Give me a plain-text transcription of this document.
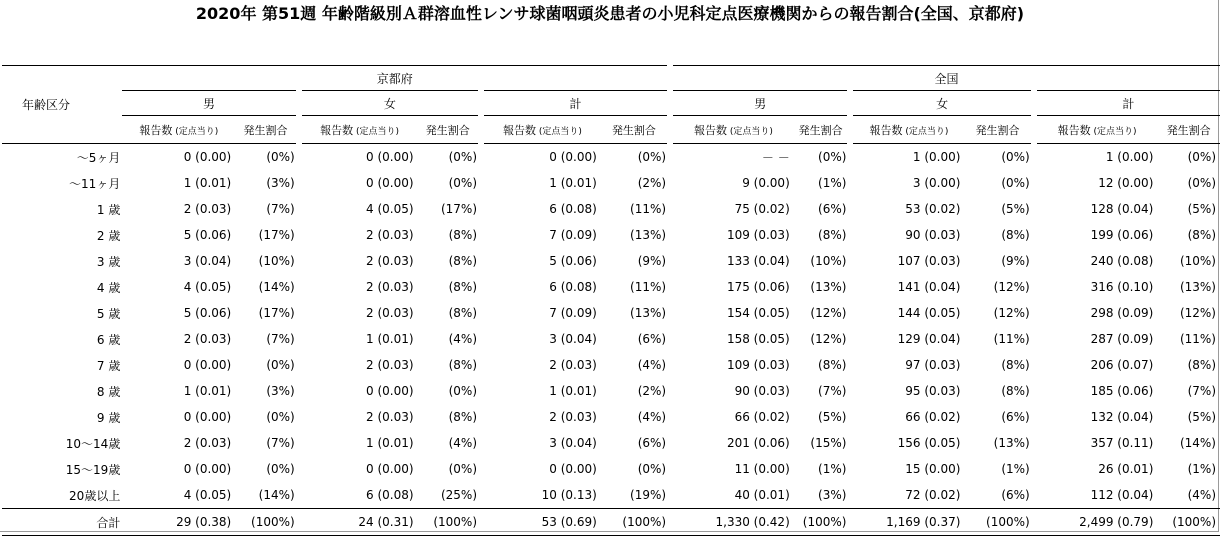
2020年 第51週 年齢階級別Ａ群溶血性レンサ球菌咽頭炎患者の小児科定点医療機関からの報告割合(全国、京都府)
年齢区分	京都府						全国					
	男		女		計		男		女		計	
	報告数 (定点当り)	発生割合	報告数 (定点当り)	発生割合	報告数 (定点当り)	発生割合	報告数 (定点当り)	発生割合	報告数 (定点当り)	発生割合	報告数 (定点当り)	発生割合
～5ヶ月	0 (0.00)	(0%)	0 (0.00)	(0%)	0 (0.00)	(0%)	－ －	(0%)	1 (0.00)	(0%)	1 (0.00)	(0%)
～11ヶ月	1 (0.01)	(3%)	0 (0.00)	(0%)	1 (0.01)	(2%)	9 (0.00)	(1%)	3 (0.00)	(0%)	12 (0.00)	(0%)
1 歳	2 (0.03)	(7%)	4 (0.05)	(17%)	6 (0.08)	(11%)	75 (0.02)	(6%)	53 (0.02)	(5%)	128 (0.04)	(5%)
2 歳	5 (0.06)	(17%)	2 (0.03)	(8%)	7 (0.09)	(13%)	109 (0.03)	(8%)	90 (0.03)	(8%)	199 (0.06)	(8%)
3 歳	3 (0.04)	(10%)	2 (0.03)	(8%)	5 (0.06)	(9%)	133 (0.04)	(10%)	107 (0.03)	(9%)	240 (0.08)	(10%)
4 歳	4 (0.05)	(14%)	2 (0.03)	(8%)	6 (0.08)	(11%)	175 (0.06)	(13%)	141 (0.04)	(12%)	316 (0.10)	(13%)
5 歳	5 (0.06)	(17%)	2 (0.03)	(8%)	7 (0.09)	(13%)	154 (0.05)	(12%)	144 (0.05)	(12%)	298 (0.09)	(12%)
6 歳	2 (0.03)	(7%)	1 (0.01)	(4%)	3 (0.04)	(6%)	158 (0.05)	(12%)	129 (0.04)	(11%)	287 (0.09)	(11%)
7 歳	0 (0.00)	(0%)	2 (0.03)	(8%)	2 (0.03)	(4%)	109 (0.03)	(8%)	97 (0.03)	(8%)	206 (0.07)	(8%)
8 歳	1 (0.01)	(3%)	0 (0.00)	(0%)	1 (0.01)	(2%)	90 (0.03)	(7%)	95 (0.03)	(8%)	185 (0.06)	(7%)
9 歳	0 (0.00)	(0%)	2 (0.03)	(8%)	2 (0.03)	(4%)	66 (0.02)	(5%)	66 (0.02)	(6%)	132 (0.04)	(5%)
10～14歳	2 (0.03)	(7%)	1 (0.01)	(4%)	3 (0.04)	(6%)	201 (0.06)	(15%)	156 (0.05)	(13%)	357 (0.11)	(14%)
15～19歳	0 (0.00)	(0%)	0 (0.00)	(0%)	0 (0.00)	(0%)	11 (0.00)	(1%)	15 (0.00)	(1%)	26 (0.01)	(1%)
20歳以上	4 (0.05)	(14%)	6 (0.08)	(25%)	10 (0.13)	(19%)	40 (0.01)	(3%)	72 (0.02)	(6%)	112 (0.04)	(4%)
合計	29 (0.38)	(100%)	24 (0.31)	(100%)	53 (0.69)	(100%)	1,330 (0.42)	(100%)	1,169 (0.37)	(100%)	2,499 (0.79)	(100%)
